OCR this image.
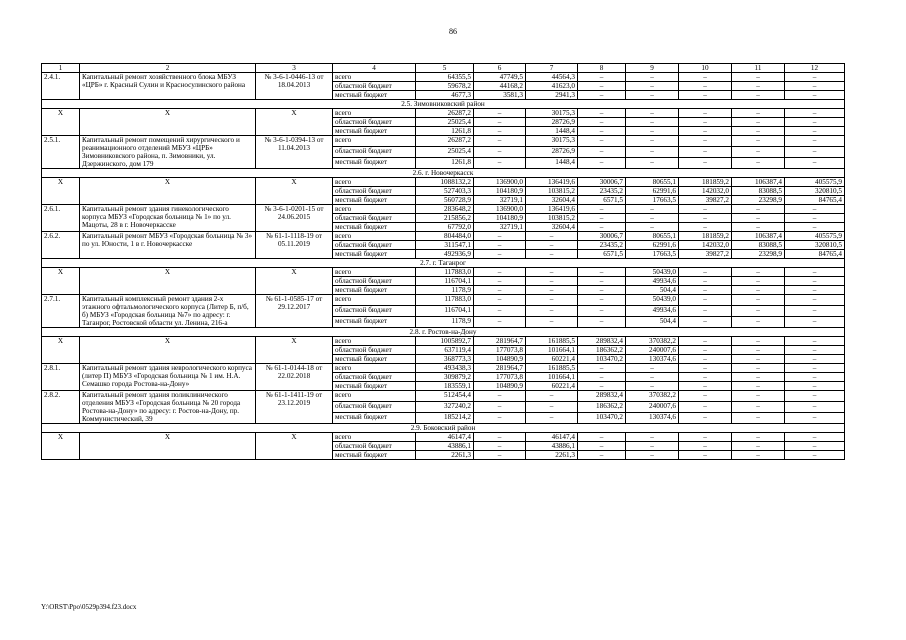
86
1	2	3	4	5	6	7	8	9	10	11	12
2.4.1.	Капитальный ремонт хозяйственного блока МБУЗ «ЦРБ» г. Красный Сулин и Красносулинского района	№ 3-6-1-0446-13 от 18.04.2013	всего	64355,5	47749,5	44564,3	–	–	–	–	–
			областной бюджет	59678,2	44168,2	41623,0	–	–	–	–	–
			местный бюджет	4677,3	3581,3	2941,3	–	–	–	–	–
2.5. Зимовниковский район											
Х	Х	Х	всего	26287,2	–	30175,3	–	–	–	–	–
			областной бюджет	25025,4	–	28726,9	–	–	–	–	–
			местный бюджет	1261,8	–	1448,4	–	–	–	–	–
2.5.1.	Капитальный ремонт помещений хирургического и реанимационного отделений МБУЗ «ЦРБ» Зимовниковского района, п. Зимовники, ул. Дзержинского, дом 179	№ 3-6-1-0394-13 от 11.04.2013	всего	26287,2	–	30175,3	–	–	–	–	–
			областной бюджет	25025,4	–	28726,9	–	–	–	–	–
			местный бюджет	1261,8	–	1448,4	–	–	–	–	–
2.6. г. Новочеркасск											
Х	Х	Х	всего	1088132,2	136900,0	136419,6	30006,7	80655,1	181859,2	106387,4	405575,9
			областной бюджет	527403,3	104180,9	103815,2	23435,2	62991,6	142032,0	83088,5	320810,5
			местный бюджет	560728,9	32719,1	32604,4	6571,5	17663,5	39827,2	23298,9	84765,4
2.6.1.	Капитальный ремонт здания гинекологического корпуса МБУЗ «Городская больница № 1» по ул. Мацоты, 28 в г. Новочеркасске	№ 3-6-1-0201-15 от 24.06.2015	всего	283648,2	136900,0	136419,6	–	–	–	–	–
			областной бюджет	215856,2	104180,9	103815,2	–	–	–	–	–
			местный бюджет	67792,0	32719,1	32604,4	–	–	–	–	–
2.6.2.	Капитальный ремонт МБУЗ «Городская больница № 3» по ул. Юности, 1 в г. Новочеркасске	№ 61-1-1118-19 от 05.11.2019	всего	804484,0	–	–	30006,7	80655,1	181859,2	106387,4	405575,9
			областной бюджет	311547,1	–	–	23435,2	62991,6	142032,0	83088,5	320810,5
			местный бюджет	492936,9	–	–	6571,5	17663,5	39827,2	23298,9	84765,4
2.7. г. Таганрог											
Х	Х	Х	всего	117883,0	–	–	–	50439,0	–	–	–
			областной бюджет	116704,1	–	–	–	49934,6	–	–	–
			местный бюджет	1178,9	–	–	–	504,4	–	–	–
2.7.1.	Капитальный комплексный ремонт здания 2-х этажного офтальмологического корпуса (Литер Б, п/б, б) МБУЗ «Городская больница №7» по адресу: г. Таганрог, Ростовской области ул. Ленина, 216-а	№ 61-1-0585-17 от 29.12.2017	всего	117883,0	–	–	–	50439,0	–	–	–
			областной бюджет	116704,1	–	–	–	49934,6	–	–	–
			местный бюджет	1178,9	–	–	–	504,4	–	–	–
2.8. г. Ростов-на-Дону											
Х	Х	Х	всего	1005892,7	281964,7	161885,5	289832,4	370382,2	–	–	–
			областной бюджет	637119,4	177073,8	101664,1	186362,2	240007,6	–	–	–
			местный бюджет	368773,3	104890,9	60221,4	103470,2	130374,6	–	–	–
2.8.1.	Капитальный ремонт здания неврологического корпуса (литер П) МБУЗ «Городская больница № 1 им. Н.А. Семашко города Ростова-на-Дону»	№ 61-1-0144-18 от 22.02.2018	всего	493438,3	281964,7	161885,5	–	–	–	–	–
			областной бюджет	309879,2	177073,8	101664,1	–	–	–	–	–
			местный бюджет	183559,1	104890,9	60221,4	–	–	–	–	–
2.8.2.	Капитальный ремонт здания поликлинического отделения МБУЗ «Городская больница № 20 города Ростова-на-Дону» по адресу: г. Ростов-на-Дону, пр. Коммунистический, 39	№ 61-1-1411-19 от 23.12.2019	всего	512454,4	–	–	289832,4	370382,2	–	–	–
			областной бюджет	327240,2	–	–	186362,2	240007,6	–	–	–
			местный бюджет	185214,2	–	–	103470,2	130374,6	–	–	–
2.9. Боковский район											
Х	Х	Х	всего	46147,4	–	46147,4	–	–	–	–	–
			областной бюджет	43886,1	–	43886,1	–	–	–	–	–
			местный бюджет	2261,3	–	2261,3	–	–	–	–	–
Y:\ORST\Ppo\0529p394.f23.docx
